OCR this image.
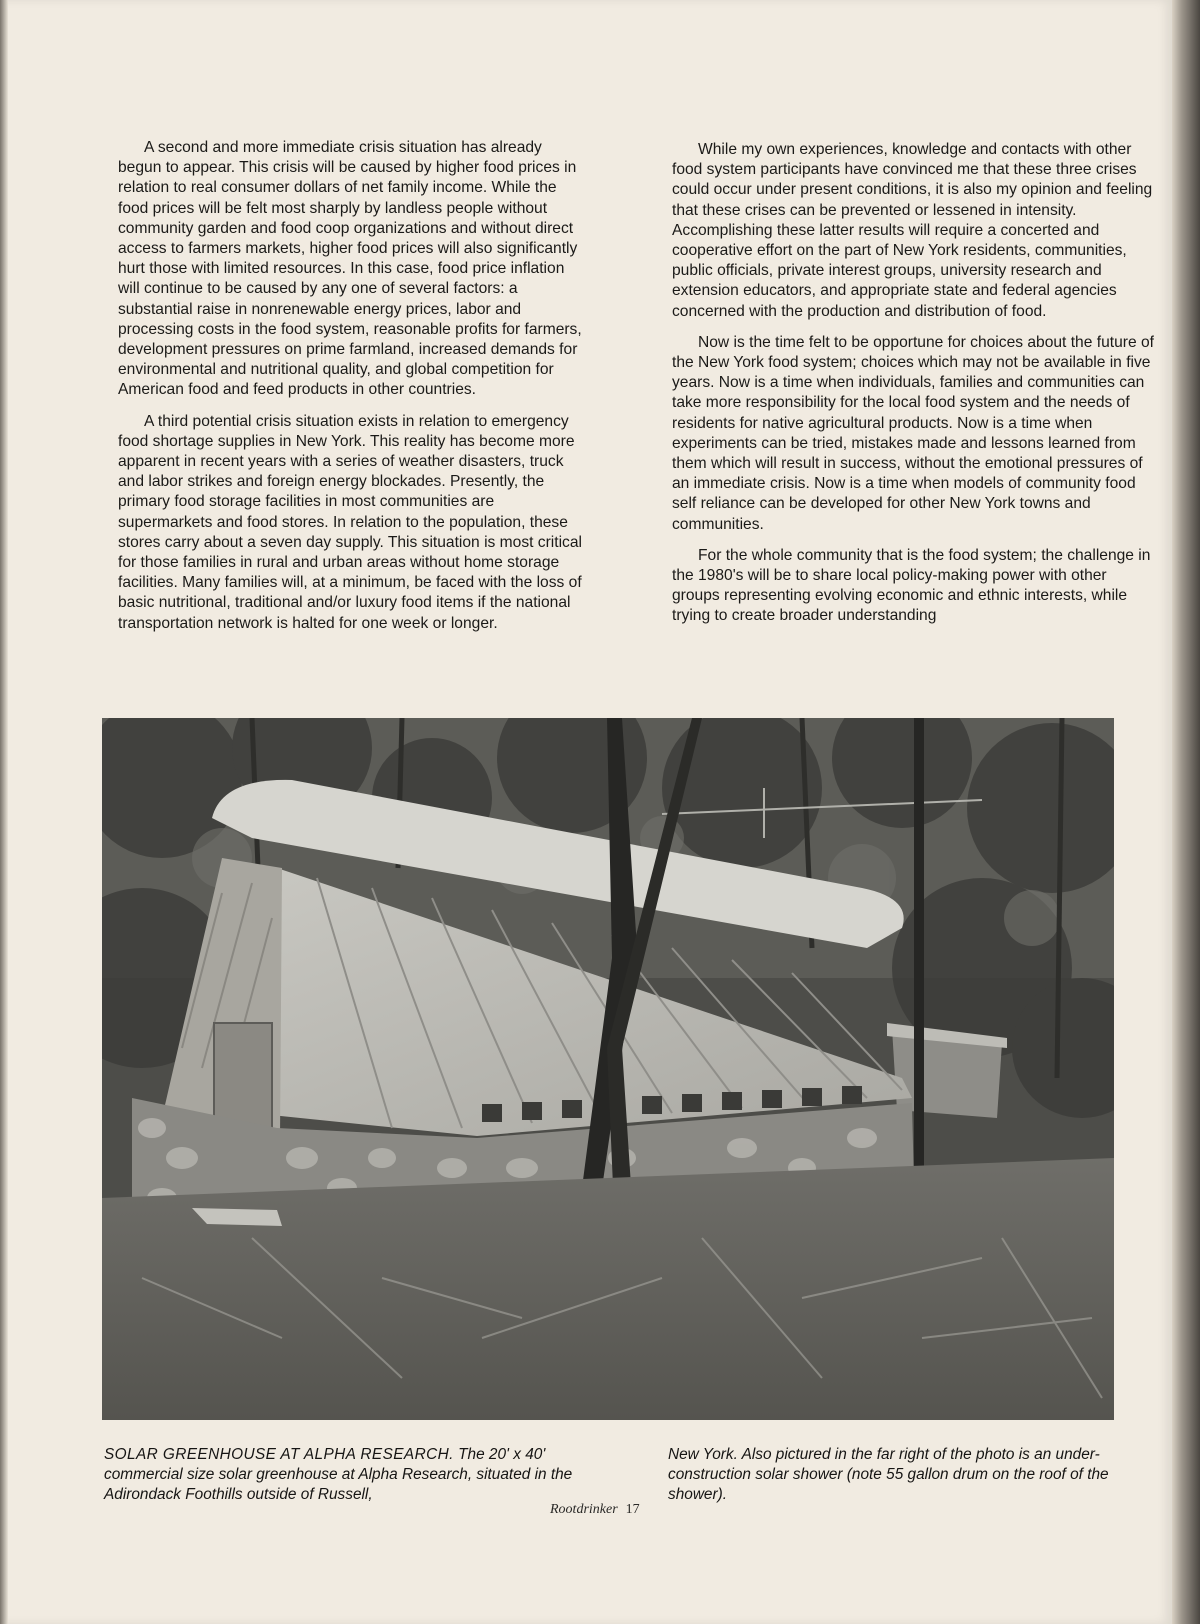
A second and more immediate crisis situation has already begun to appear. This crisis will be caused by higher food prices in relation to real consumer dollars of net family income. While the food prices will be felt most sharply by landless people without community garden and food coop organizations and without direct access to farmers markets, higher food prices will also significantly hurt those with limited resources. In this case, food price inflation will continue to be caused by any one of several factors: a substantial raise in nonrenewable energy prices, labor and processing costs in the food system, reasonable profits for farmers, development pressures on prime farmland, increased demands for environmental and nutritional quality, and global competition for American food and feed products in other countries.

A third potential crisis situation exists in relation to emergency food shortage supplies in New York. This reality has become more apparent in recent years with a series of weather disasters, truck and labor strikes and foreign energy blockades. Presently, the primary food storage facilities in most communities are supermarkets and food stores. In relation to the population, these stores carry about a seven day supply. This situation is most critical for those families in rural and urban areas without home storage facilities. Many families will, at a minimum, be faced with the loss of basic nutritional, traditional and/or luxury food items if the national transportation network is halted for one week or longer.

While my own experiences, knowledge and contacts with other food system participants have convinced me that these three crises could occur under present conditions, it is also my opinion and feeling that these crises can be prevented or lessened in intensity. Accomplishing these latter results will require a concerted and cooperative effort on the part of New York residents, communities, public officials, private interest groups, university research and extension educators, and appropriate state and federal agencies concerned with the production and distribution of food.

Now is the time felt to be opportune for choices about the future of the New York food system; choices which may not be available in five years. Now is a time when individuals, families and communities can take more responsibility for the local food system and the needs of residents for native agricultural products. Now is a time when experiments can be tried, mistakes made and lessons learned from them which will result in success, without the emotional pressures of an immediate crisis. Now is a time when models of community food self reliance can be developed for other New York towns and communities.

For the whole community that is the food system; the challenge in the 1980's will be to share local policy-making power with other groups representing evolving economic and ethnic interests, while trying to create broader understanding

SOLAR GREENHOUSE AT ALPHA RESEARCH. The 20' x 40' commercial size solar greenhouse at Alpha Research, situated in the Adirondack Foothills outside of Russell,
New York. Also pictured in the far right of the photo is an under-construction solar shower (note 55 gallon drum on the roof of the shower).
Rootdrinker 17
